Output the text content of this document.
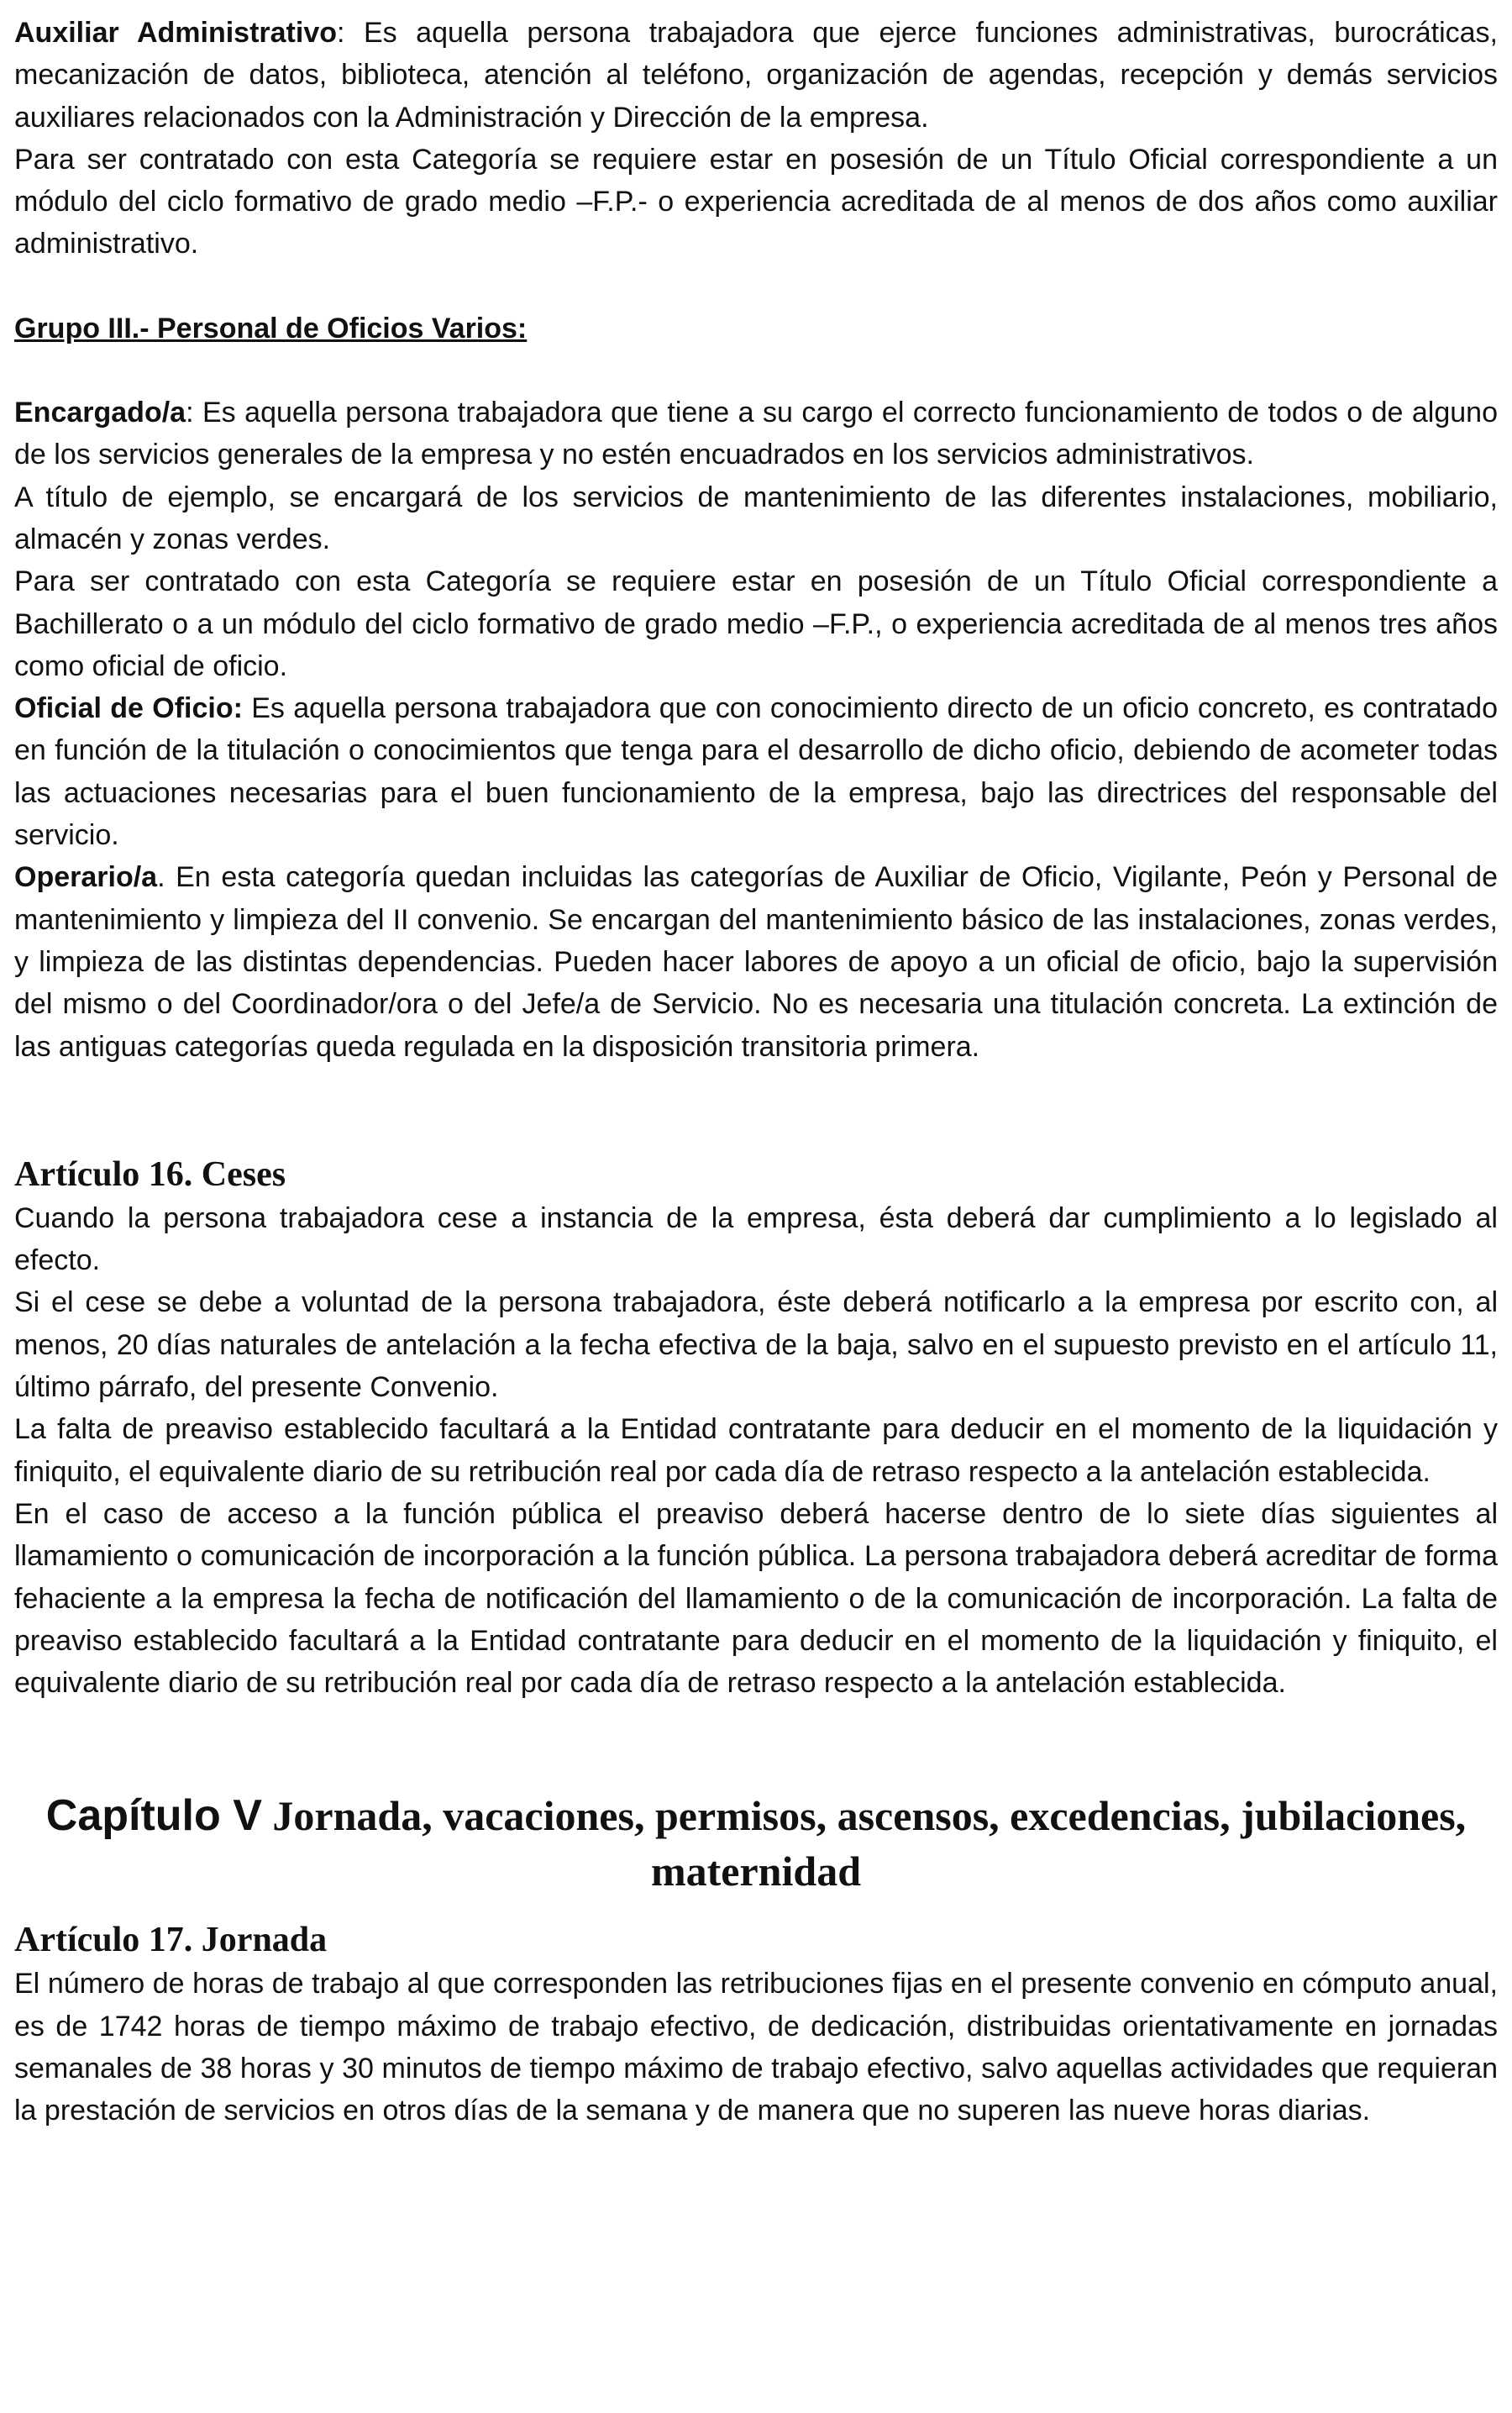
Auxiliar Administrativo: Es aquella persona trabajadora que ejerce funciones administrativas, burocráticas, mecanización de datos, biblioteca, atención al teléfono, organización de agendas, recepción y demás servicios auxiliares relacionados con la Administración y Dirección de la empresa.

Para ser contratado con esta Categoría se requiere estar en posesión de un Título Oficial correspondiente a un módulo del ciclo formativo de grado medio –F.P.- o experiencia acreditada de al menos de dos años como auxiliar administrativo.

Grupo III.- Personal de Oficios Varios:

Encargado/a: Es aquella persona trabajadora que tiene a su cargo el correcto funcionamiento de todos o de alguno de los servicios generales de la empresa y no estén encuadrados en los servicios administrativos.

A título de ejemplo, se encargará de los servicios de mantenimiento de las diferentes instalaciones, mobiliario, almacén y zonas verdes.

Para ser contratado con esta Categoría se requiere estar en posesión de un Título Oficial correspondiente a Bachillerato o a un módulo del ciclo formativo de grado medio –F.P., o experiencia acreditada de al menos tres años como oficial de oficio.

Oficial de Oficio: Es aquella persona trabajadora que con conocimiento directo de un oficio concreto, es contratado en función de la titulación o conocimientos que tenga para el desarrollo de dicho oficio, debiendo de acometer todas las actuaciones necesarias para el buen funcionamiento de la empresa, bajo las directrices del responsable del servicio.

Operario/a. En esta categoría quedan incluidas las categorías de Auxiliar de Oficio, Vigilante, Peón y Personal de mantenimiento y limpieza del II convenio. Se encargan del mantenimiento básico de las instalaciones, zonas verdes, y limpieza de las distintas dependencias. Pueden hacer labores de apoyo a un oficial de oficio, bajo la supervisión del mismo o del Coordinador/ora o del Jefe/a de Servicio. No es necesaria una titulación concreta. La extinción de las antiguas categorías queda regulada en la disposición transitoria primera.

Artículo 16. Ceses

Cuando la persona trabajadora cese a instancia de la empresa, ésta deberá dar cumplimiento a lo legislado al efecto.

Si el cese se debe a voluntad de la persona trabajadora, éste deberá notificarlo a la empresa por escrito con, al menos, 20 días naturales de antelación a la fecha efectiva de la baja, salvo en el supuesto previsto en el artículo 11, último párrafo, del presente Convenio.

La falta de preaviso establecido facultará a la Entidad contratante para deducir en el momento de la liquidación y finiquito, el equivalente diario de su retribución real por cada día de retraso respecto a la antelación establecida.

En el caso de acceso a la función pública el preaviso deberá hacerse dentro de lo siete días siguientes al llamamiento o comunicación de incorporación a la función pública. La persona trabajadora deberá acreditar de forma fehaciente a la empresa la fecha de notificación del llamamiento o de la comunicación de incorporación. La falta de preaviso establecido facultará a la Entidad contratante para deducir en el momento de la liquidación y finiquito, el equivalente diario de su retribución real por cada día de retraso respecto a la antelación establecida.

Capítulo V Jornada, vacaciones, permisos, ascensos, excedencias, jubilaciones, maternidad
Artículo 17. Jornada

El número de horas de trabajo al que corresponden las retribuciones fijas en el presente convenio en cómputo anual, es de 1742 horas de tiempo máximo de trabajo efectivo, de dedicación, distribuidas orientativamente en jornadas semanales de 38 horas y 30 minutos de tiempo máximo de trabajo efectivo, salvo aquellas actividades que requieran la prestación de servicios en otros días de la semana y de manera que no superen las nueve horas diarias.
